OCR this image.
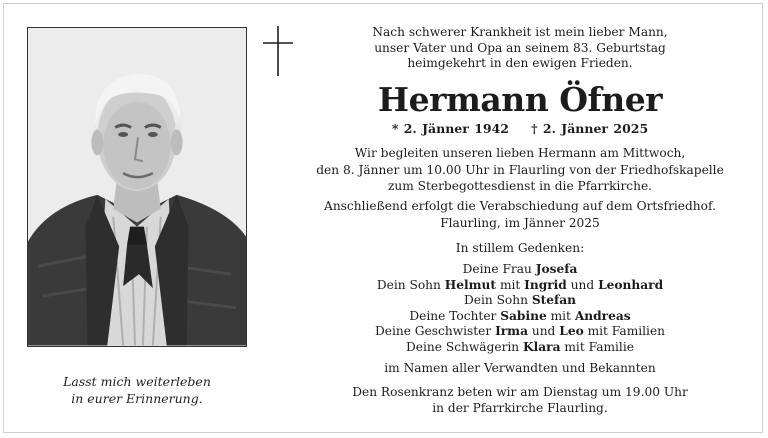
Lasst mich weiterleben
in eurer Erinnerung.
Nach schwerer Krankheit ist mein lieber Mann,
unser Vater und Opa an seinem 83. Geburtstag
heimgekehrt in den ewigen Frieden.
Hermann Öfner
* 2. Jänner 1942 † 2. Jänner 2025
Wir begleiten unseren lieben Hermann am Mittwoch,
den 8. Jänner um 10.00 Uhr in Flaurling von der Friedhofskapelle
zum Sterbegottesdienst in die Pfarrkirche.
Anschließend erfolgt die Verabschiedung auf dem Ortsfriedhof.
Flaurling, im Jänner 2025
In stillem Gedenken:
Deine Frau Josefa
Dein Sohn Helmut mit Ingrid und Leonhard
Dein Sohn Stefan
Deine Tochter Sabine mit Andreas
Deine Geschwister Irma und Leo mit Familien
Deine Schwägerin Klara mit Familie
im Namen aller Verwandten und Bekannten
Den Rosenkranz beten wir am Dienstag um 19.00 Uhr
in der Pfarrkirche Flaurling.
